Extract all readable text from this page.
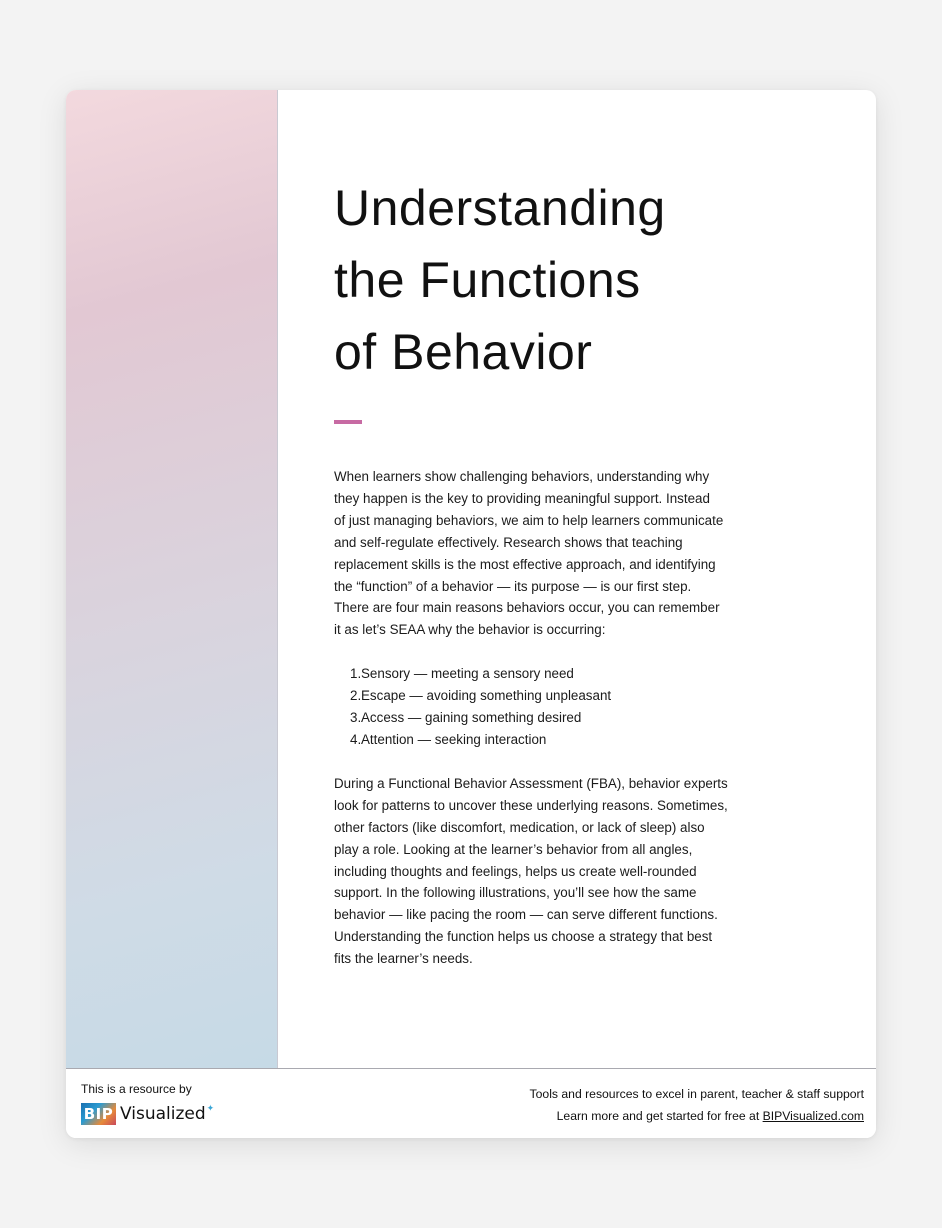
Understanding
the Functions
of Behavior

When learners show challenging behaviors, understanding why
they happen is the key to providing meaningful support. Instead
of just managing behaviors, we aim to help learners communicate
and self-regulate effectively. Research shows that teaching
replacement skills is the most effective approach, and identifying
the “function” of a behavior — its purpose — is our first step.
There are four main reasons behaviors occur, you can remember
it as let’s SEAA why the behavior is occurring:

1. Sensory — meeting a sensory need
2. Escape — avoiding something unpleasant
3. Access — gaining something desired
4. Attention — seeking interaction

During a Functional Behavior Assessment (FBA), behavior experts
look for patterns to uncover these underlying reasons. Sometimes,
other factors (like discomfort, medication, or lack of sleep) also
play a role. Looking at the learner’s behavior from all angles,
including thoughts and feelings, helps us create well-rounded
support. In the following illustrations, you’ll see how the same
behavior — like pacing the room — can serve different functions.
Understanding the function helps us choose a strategy that best
fits the learner’s needs.

This is a resource by
BIP Visualized ✦
Tools and resources to excel in parent, teacher & staff support
Learn more and get started for free at BIPVisualized.com
